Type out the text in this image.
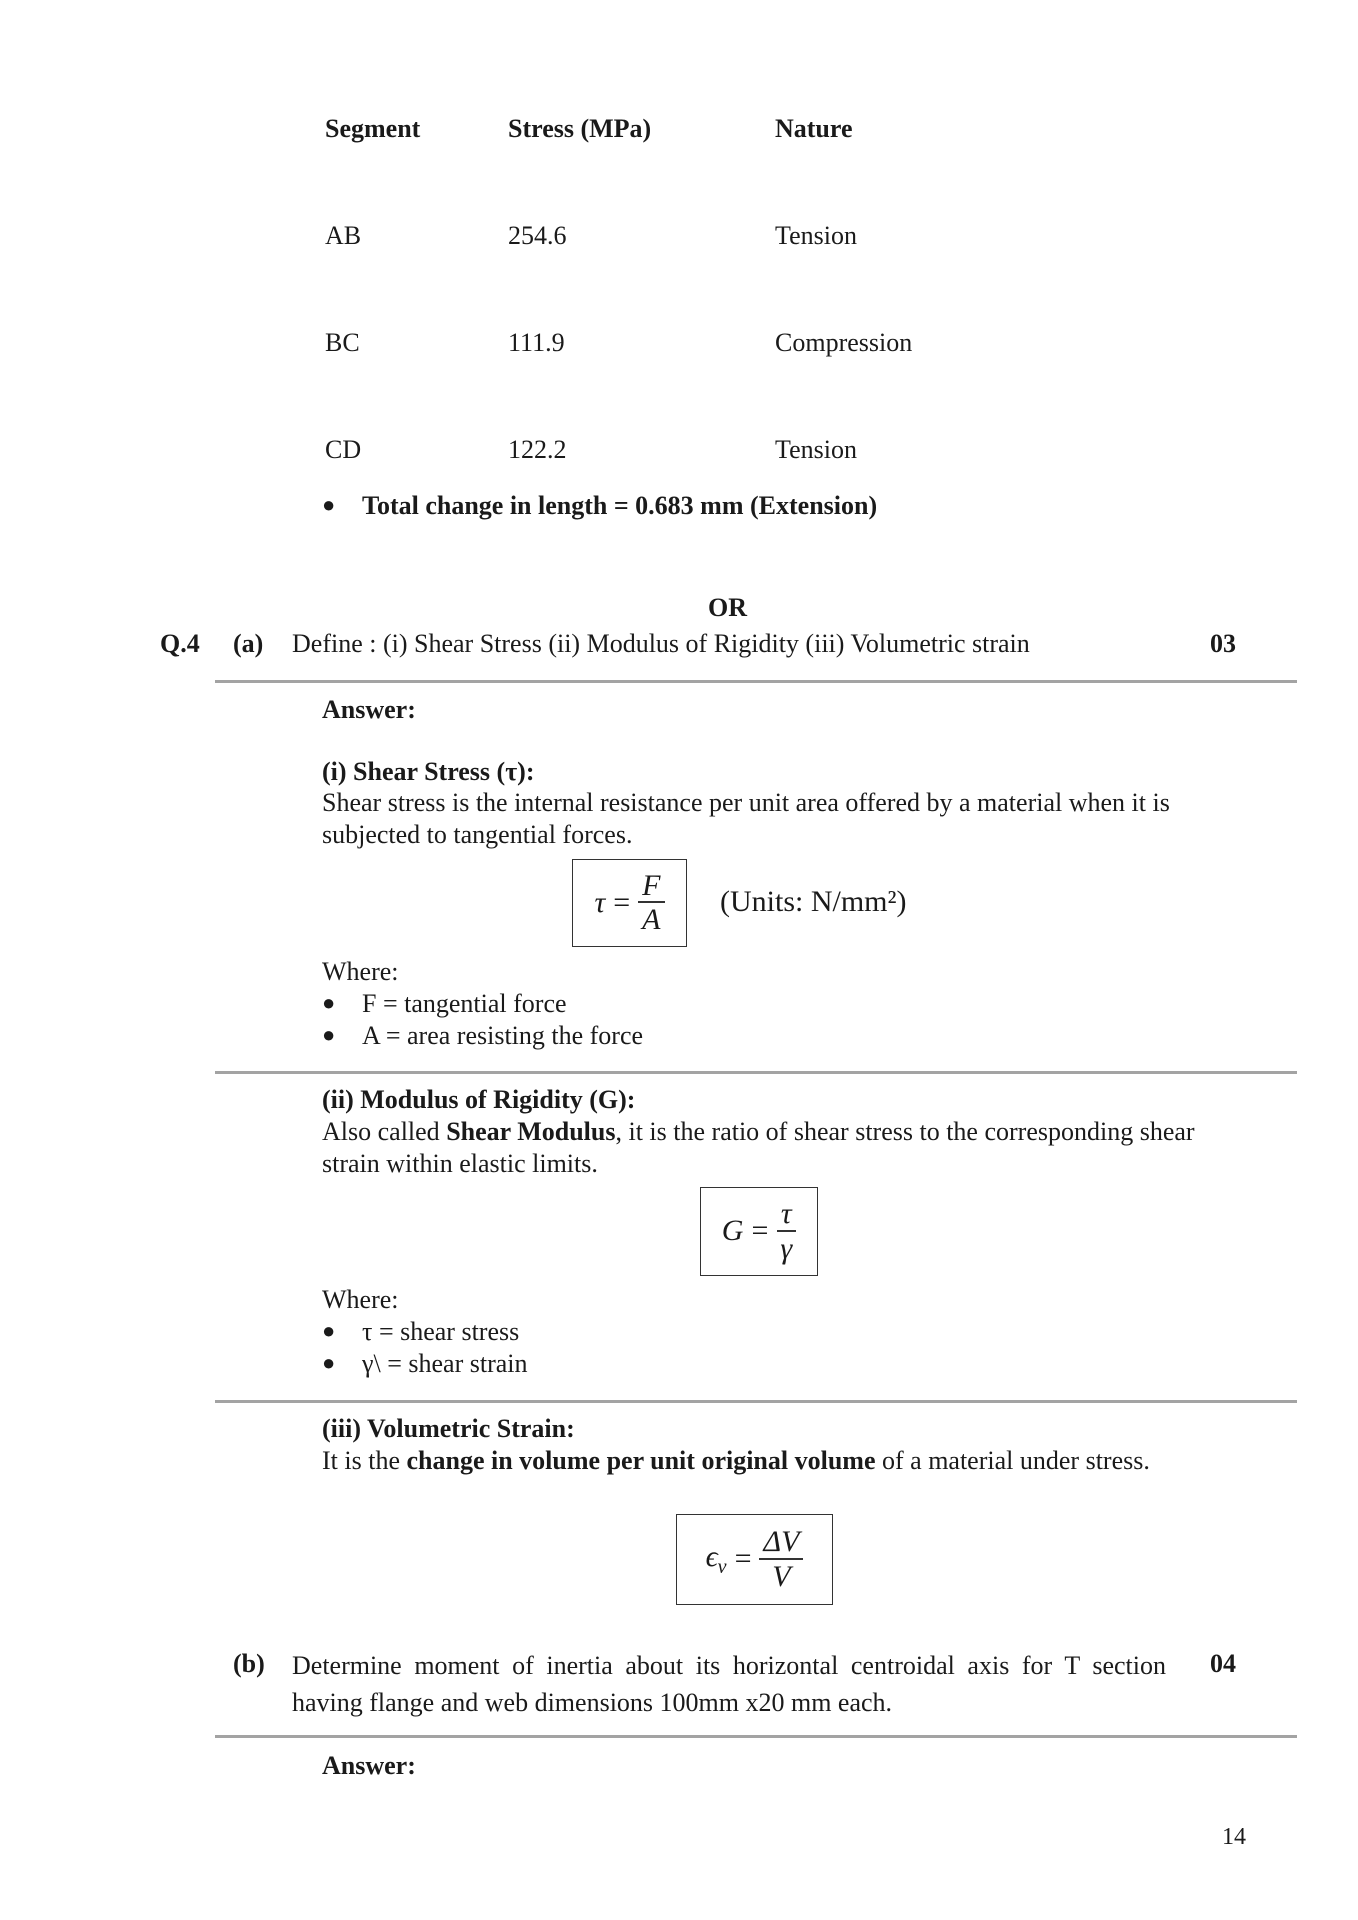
Segment	Stress (MPa)	Nature
AB	254.6	Tension
BC	111.9	Compression
CD	122.2	Tension
● Total change in length = 0.683 mm (Extension)
OR
Q.4 (a) Define : (i) Shear Stress (ii) Modulus of Rigidity (iii) Volumetric strain	03
Answer:
(i) Shear Stress (τ):
Shear stress is the internal resistance per unit area offered by a material when it is subjected to tangential forces.
$\tau = \frac{F}{A}$ (Units: N/mm²)
Where:
● F = tangential force
● A = area resisting the force
(ii) Modulus of Rigidity (G):
Also called Shear Modulus, it is the ratio of shear stress to the corresponding shear strain within elastic limits.
$G = \frac{\tau}{\gamma}$
Where:
● τ = shear stress
● γ\ = shear strain
(iii) Volumetric Strain:
It is the change in volume per unit original volume of a material under stress.
$\epsilon_v = \frac{\Delta V}{V}$
(b) Determine moment of inertia about its horizontal centroidal axis for T section having flange and web dimensions 100mm x20 mm each.
04
Answer:
14
